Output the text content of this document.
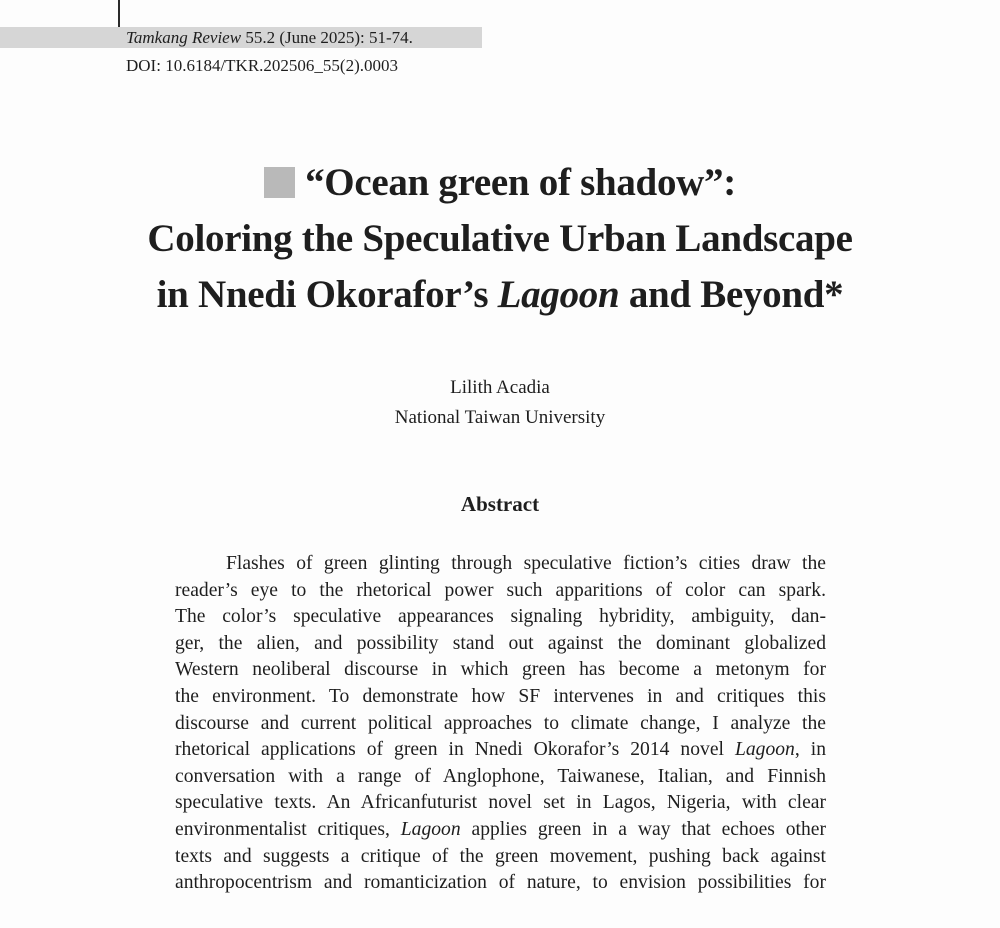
Tamkang Review 55.2 (June 2025): 51-74.
DOI: 10.6184/TKR.202506_55(2).0003
“Ocean green of shadow”:
Coloring the Speculative Urban Landscape
in Nnedi Okorafor’s Lagoon and Beyond*
Lilith Acadia
National Taiwan University
Abstract
Flashes of green glinting through speculative fiction’s cities draw the
reader’s eye to the rhetorical power such apparitions of color can spark.
The color’s speculative appearances signaling hybridity, ambiguity, dan-
ger, the alien, and possibility stand out against the dominant globalized
Western neoliberal discourse in which green has become a metonym for
the environment. To demonstrate how SF intervenes in and critiques this
discourse and current political approaches to climate change, I analyze the
rhetorical applications of green in Nnedi Okorafor’s 2014 novel Lagoon, in
conversation with a range of Anglophone, Taiwanese, Italian, and Finnish
speculative texts. An Africanfuturist novel set in Lagos, Nigeria, with clear
environmentalist critiques, Lagoon applies green in a way that echoes other
texts and suggests a critique of the green movement, pushing back against
anthropocentrism and romanticization of nature, to envision possibilities for
